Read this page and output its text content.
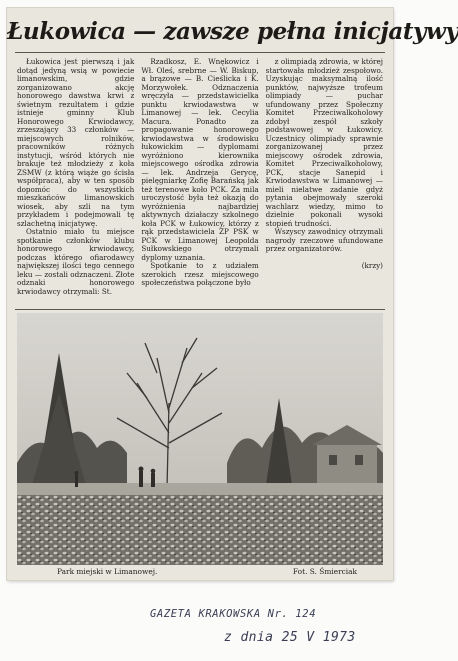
Łukowica — zawsze pełna inicjatywy

Łukowica jest pierwszą i jak dotąd jedyną wsią w powiecie limanowskim, gdzie zorganizowano akcję honorowego dawstwa krwi z świetnym rezultatem i gdzie istnieje gminny Klub Honorowego Krwiodawcy, zrzeszający 33 członków — miejscowych rolników, pracowników różnych instytucji, wśród których nie brakuje też młodzieży z koła ZSMW (z którą wiąże go ścisła współpraca), aby w ten sposób dopomóc do wszystkich mieszkańców limanowskich wiosek, aby szli na tym przykładem i podejmowali tę szlachetną inicjatywę.

Ostatnio miało tu miejsce spotkanie członków klubu honorowego krwiodawcy, podczas którego ofiarodawcy największej ilości tego cennego leku — zostali odznaczeni. Złote odznaki honorowego krwiodawcy otrzymali: St.

Rzadkosz, E. Wnękowicz i Wł. Oleś, srebrne — W. Biskup, a brązowe — B. Cieślicka i K. Morzywołek. Odznaczenia wręczyła — przedstawicielka punktu krwiodawstwa w Limanowej — lek. Cecylia Macura. Ponadto za propagowanie honorowego krwiodawstwa w środowisku łukowickim — dyplomami wyróżniono kierownika miejscowego ośrodka zdrowia — lek. Andrzeja Gerycę, pielęgniarkę Zofię Barańską jak też terenowe koło PCK. Za mila uroczystość była też okazją do wyróżnienia najbardziej aktywnych działaczy szkolnego koła PCK w Łukowicy, którzy z rąk przedstawiciela ZP PSK w PCK w Limanowej Leopolda Sułkowskiego otrzymali dyplomy uznania.

Spotkanie to z udziałem szerokich rzesz miejscowego społeczeństwa połączone było

z olimpiadą zdrowia, w której startowała młodzież zespołowo. Uzyskując maksymalną ilość punktów, najwyższe trofeum olimpiady — puchar ufundowany przez Społeczny Komitet Przeciwalkoholowy zdobył zespół szkoły podstawowej w Łukowicy. Uczestnicy olimpiady sprawnie zorganizowanej przez miejscowy ośrodek zdrowia, Komitet Przeciwalkoholowy, PCK, stacje Sanepid i Krwiodawstwa w Limanowej — mieli nielatwe zadanie gdyż pytania obejmowały szeroki wachlarz wiedzy, mimo to dzielnie pokonali wysoki stopień trudności.

Wszyscy zawodnicy otrzymali nagrody rzeczowe ufundowane przez organizatorów.

(krzy)

Park miejski w Limanowej.	Fot. S. Śmierciak
GAZETA KRAKOWSKA Nr. 124
z dnia 25 V 1973
